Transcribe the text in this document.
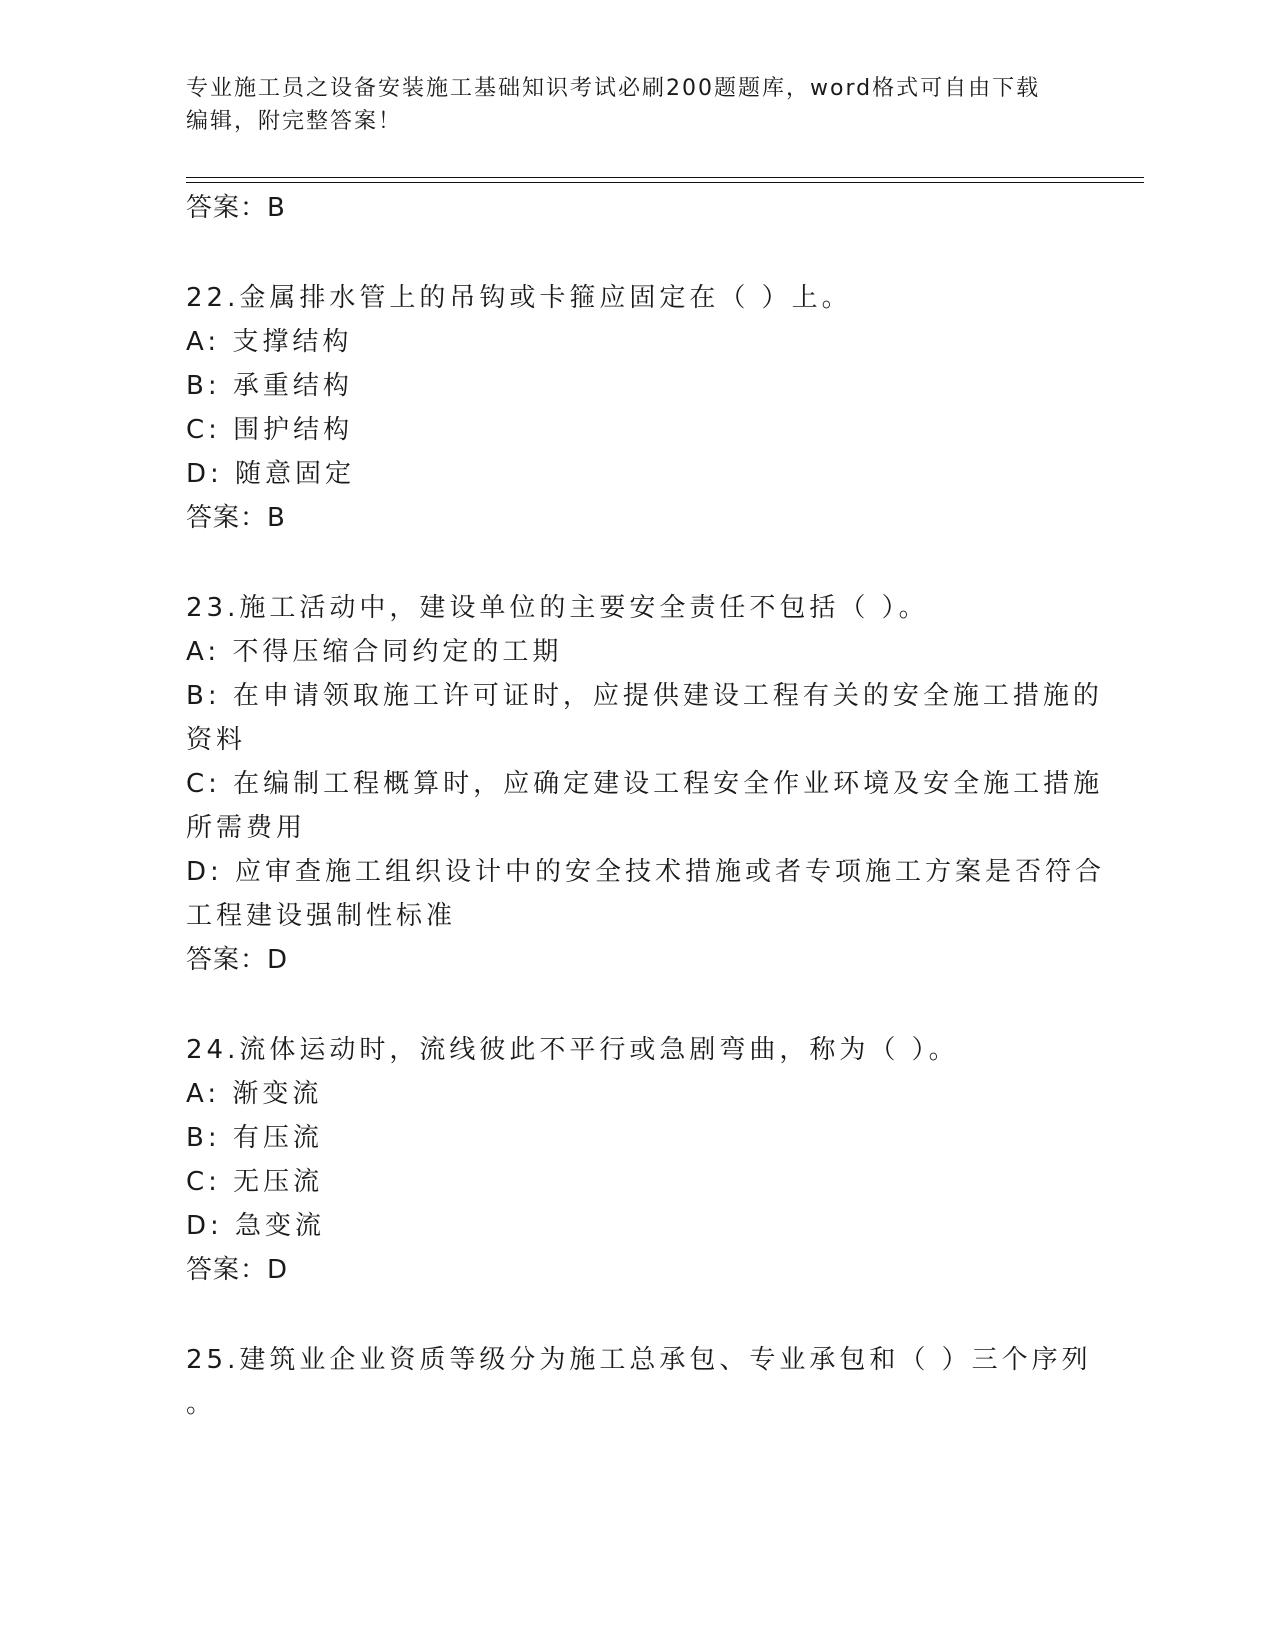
专业施工员之设备安装施工基础知识考试必刷200题题库，word格式可自由下载
编辑，附完整答案！
答案：B
22.金属排水管上的吊钩或卡箍应固定在（ ）上。
A: 支撑结构
B: 承重结构
C: 围护结构
D: 随意固定
答案：B
23.施工活动中，建设单位的主要安全责任不包括（ ）。
A: 不得压缩合同约定的工期
B: 在申请领取施工许可证时，应提供建设工程有关的安全施工措施的
资料
C: 在编制工程概算时，应确定建设工程安全作业环境及安全施工措施
所需费用
D: 应审查施工组织设计中的安全技术措施或者专项施工方案是否符合
工程建设强制性标准
答案：D
24.流体运动时，流线彼此不平行或急剧弯曲，称为（ ）。
A: 渐变流
B: 有压流
C: 无压流
D: 急变流
答案：D
25.建筑业企业资质等级分为施工总承包、专业承包和（ ）三个序列
。
